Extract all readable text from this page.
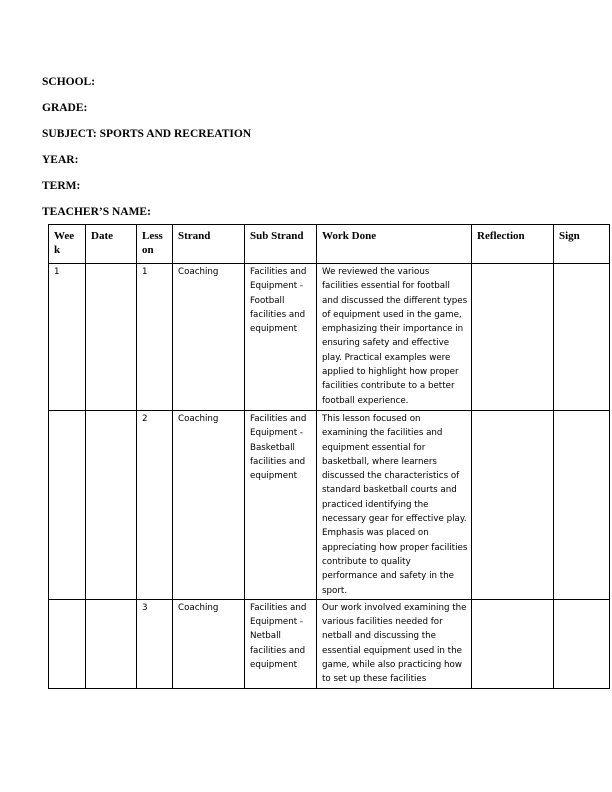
SCHOOL:
GRADE:
SUBJECT: SPORTS AND RECREATION
YEAR:
TERM:
TEACHER’S NAME:
Wee k	Date	Less on	Strand	Sub Strand	Work Done	Reflection	Sign
1		1	Coaching	Facilities and Equipment - Football facilities and equipment	We reviewed the various facilities essential for football and discussed the different types of equipment used in the game, emphasizing their importance in ensuring safety and effective play. Practical examples were applied to highlight how proper facilities contribute to a better football experience.		
		2	Coaching	Facilities and Equipment - Basketball facilities and equipment	This lesson focused on examining the facilities and equipment essential for basketball, where learners discussed the characteristics of standard basketball courts and practiced identifying the necessary gear for effective play. Emphasis was placed on appreciating how proper facilities contribute to quality performance and safety in the sport.		
		3	Coaching	Facilities and Equipment - Netball facilities and equipment	Our work involved examining the various facilities needed for netball and discussing the essential equipment used in the game, while also practicing how to set up these facilities		
